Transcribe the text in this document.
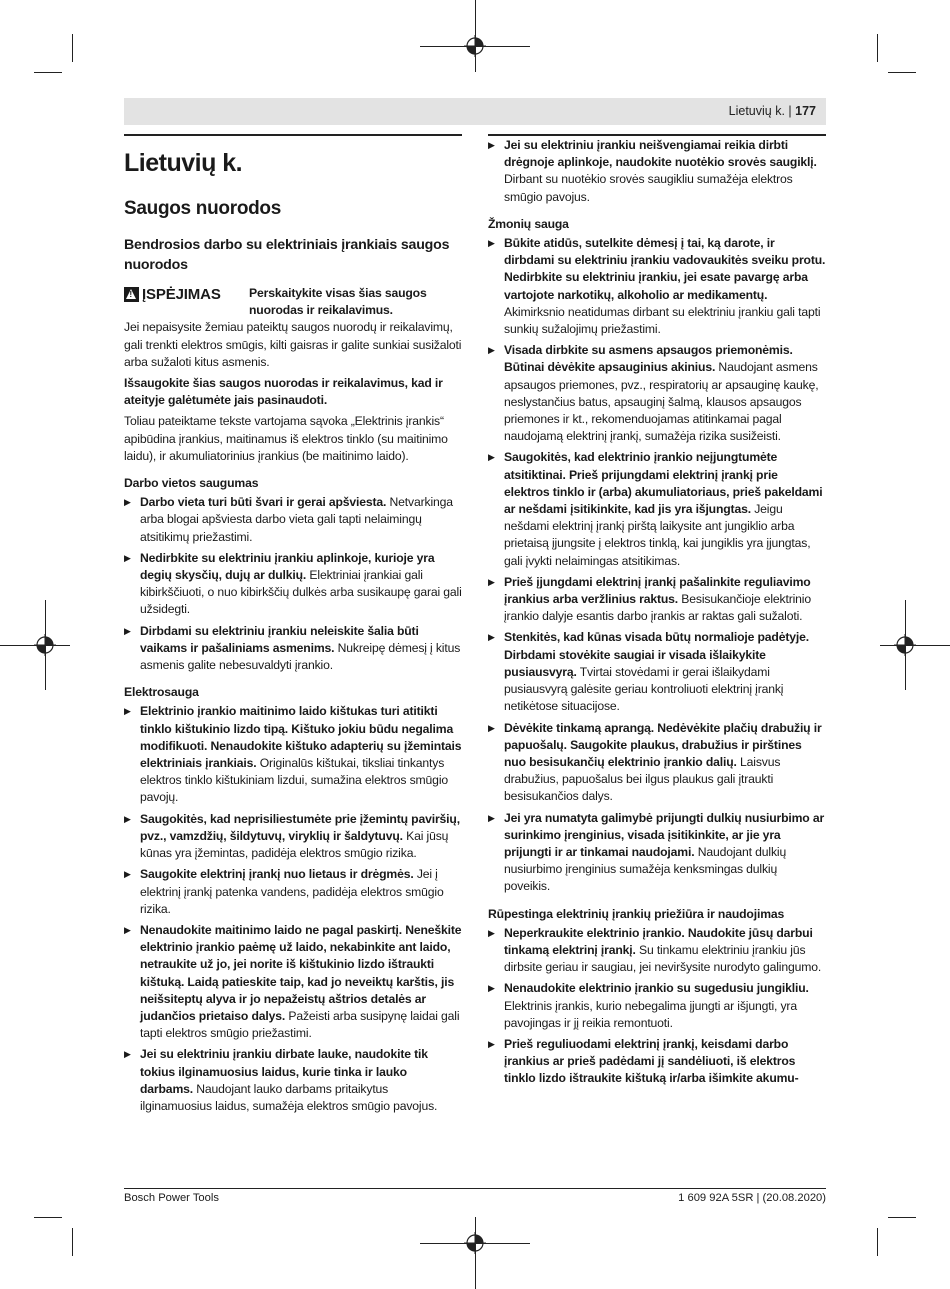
Lietuvių k. | 177
Lietuvių k.
Saugos nuorodos
Bendrosios darbo su elektriniais įrankiais saugos nuorodos
!
ĮSPĖJIMAS Perskaitykite visas šias saugos nuorodas ir reikalavimus.

Jei nepaisysite žemiau pateiktų saugos nuorodų ir reikalavimų, gali trenkti elektros smūgis, kilti gaisras ir galite sunkiai susižaloti arba sužaloti kitus asmenis.

Išsaugokite šias saugos nuorodas ir reikalavimus, kad ir ateityje galėtumėte jais pasinaudoti.

Toliau pateiktame tekste vartojama sąvoka „Elektrinis įrankis“ apibūdina įrankius, maitinamus iš elektros tinklo (su maitinimo laidu), ir akumuliatorinius įrankius (be maitinimo laido).

Darbo vietos saugumas
▶ Darbo vieta turi būti švari ir gerai apšviesta. Netvarkinga arba blogai apšviesta darbo vieta gali tapti nelaimingų atsitikimų priežastimi.
▶ Nedirbkite su elektriniu įrankiu aplinkoje, kurioje yra degių skysčių, dujų ar dulkių. Elektriniai įrankiai gali kibirkščiuoti, o nuo kibirkščių dulkės arba susikaupę garai gali užsidegti.
▶ Dirbdami su elektriniu įrankiu neleiskite šalia būti vaikams ir pašaliniams asmenims. Nukreipę dėmesį į kitus asmenis galite nebesuvaldyti įrankio.
Elektrosauga
▶ Elektrinio įrankio maitinimo laido kištukas turi atitikti tinklo kištukinio lizdo tipą. Kištuko jokiu būdu negalima modifikuoti. Nenaudokite kištuko adapterių su įžemintais elektriniais įrankiais. Originalūs kištukai, tiksliai tinkantys elektros tinklo kištukiniam lizdui, sumažina elektros smūgio pavojų.
▶ Saugokitės, kad neprisiliestumėte prie įžemintų paviršių, pvz., vamzdžių, šildytuvų, viryklių ir šaldytuvų. Kai jūsų kūnas yra įžemintas, padidėja elektros smūgio rizika.
▶ Saugokite elektrinį įrankį nuo lietaus ir drėgmės. Jei į elektrinį įrankį patenka vandens, padidėja elektros smūgio rizika.
▶ Nenaudokite maitinimo laido ne pagal paskirtį. Neneškite elektrinio įrankio paėmę už laido, nekabinkite ant laido, netraukite už jo, jei norite iš kištukinio lizdo ištraukti kištuką. Laidą patieskite taip, kad jo neveiktų karštis, jis neišsiteptų alyva ir jo nepažeistų aštrios detalės ar judančios prietaiso dalys. Pažeisti arba susipynę laidai gali tapti elektros smūgio priežastimi.
▶ Jei su elektriniu įrankiu dirbate lauke, naudokite tik tokius ilginamuosius laidus, kurie tinka ir lauko darbams. Naudojant lauko darbams pritaikytus ilginamuosius laidus, sumažėja elektros smūgio pavojus.
▶ Jei su elektriniu įrankiu neišvengiamai reikia dirbti drėgnoje aplinkoje, naudokite nuotėkio srovės saugiklį. Dirbant su nuotėkio srovės saugikliu sumažėja elektros smūgio pavojus.
Žmonių sauga
▶ Būkite atidūs, sutelkite dėmesį į tai, ką darote, ir dirbdami su elektriniu įrankiu vadovaukitės sveiku protu. Nedirbkite su elektriniu įrankiu, jei esate pavargę arba vartojote narkotikų, alkoholio ar medikamentų. Akimirksnio neatidumas dirbant su elektriniu įrankiu gali tapti sunkių sužalojimų priežastimi.
▶ Visada dirbkite su asmens apsaugos priemonėmis. Būtinai dėvėkite apsauginius akinius. Naudojant asmens apsaugos priemones, pvz., respiratorių ar apsauginę kaukę, neslystančius batus, apsauginį šalmą, klausos apsaugos priemones ir kt., rekomenduojamas atitinkamai pagal naudojamą elektrinį įrankį, sumažėja rizika susižeisti.
▶ Saugokitės, kad elektrinio įrankio neįjungtumėte atsitiktinai. Prieš prijungdami elektrinį įrankį prie elektros tinklo ir (arba) akumuliatoriaus, prieš pakeldami ar nešdami įsitikinkite, kad jis yra išjungtas. Jeigu nešdami elektrinį įrankį pirštą laikysite ant jungiklio arba prietaisą įjungsite į elektros tinklą, kai jungiklis yra įjungtas, gali įvykti nelaimingas atsitikimas.
▶ Prieš įjungdami elektrinį įrankį pašalinkite reguliavimo įrankius arba veržlinius raktus. Besisukančioje elektrinio įrankio dalyje esantis darbo įrankis ar raktas gali sužaloti.
▶ Stenkitės, kad kūnas visada būtų normalioje padėtyje. Dirbdami stovėkite saugiai ir visada išlaikykite pusiausvyrą. Tvirtai stovėdami ir gerai išlaikydami pusiausvyrą galėsite geriau kontroliuoti elektrinį įrankį netikėtose situacijose.
▶ Dėvėkite tinkamą aprangą. Nedėvėkite plačių drabužių ir papuošalų. Saugokite plaukus, drabužius ir pirštines nuo besisukančių elektrinio įrankio dalių. Laisvus drabužius, papuošalus bei ilgus plaukus gali įtraukti besisukančios dalys.
▶ Jei yra numatyta galimybė prijungti dulkių nusiurbimo ar surinkimo įrenginius, visada įsitikinkite, ar jie yra prijungti ir ar tinkamai naudojami. Naudojant dulkių nusiurbimo įrenginius sumažėja kenksmingas dulkių poveikis.
Rūpestinga elektrinių įrankių priežiūra ir naudojimas
▶ Neperkraukite elektrinio įrankio. Naudokite jūsų darbui tinkamą elektrinį įrankį. Su tinkamu elektriniu įrankiu jūs dirbsite geriau ir saugiau, jei neviršysite nurodyto galingumo.
▶ Nenaudokite elektrinio įrankio su sugedusiu jungikliu. Elektrinis įrankis, kurio nebegalima įjungti ar išjungti, yra pavojingas ir jį reikia remontuoti.
▶ Prieš reguliuodami elektrinį įrankį, keisdami darbo įrankius ar prieš padėdami jį sandėliuoti, iš elektros tinklo lizdo ištraukite kištuką ir/arba išimkite akumu-
Bosch Power Tools	1 609 92A 5SR | (20.08.2020)
